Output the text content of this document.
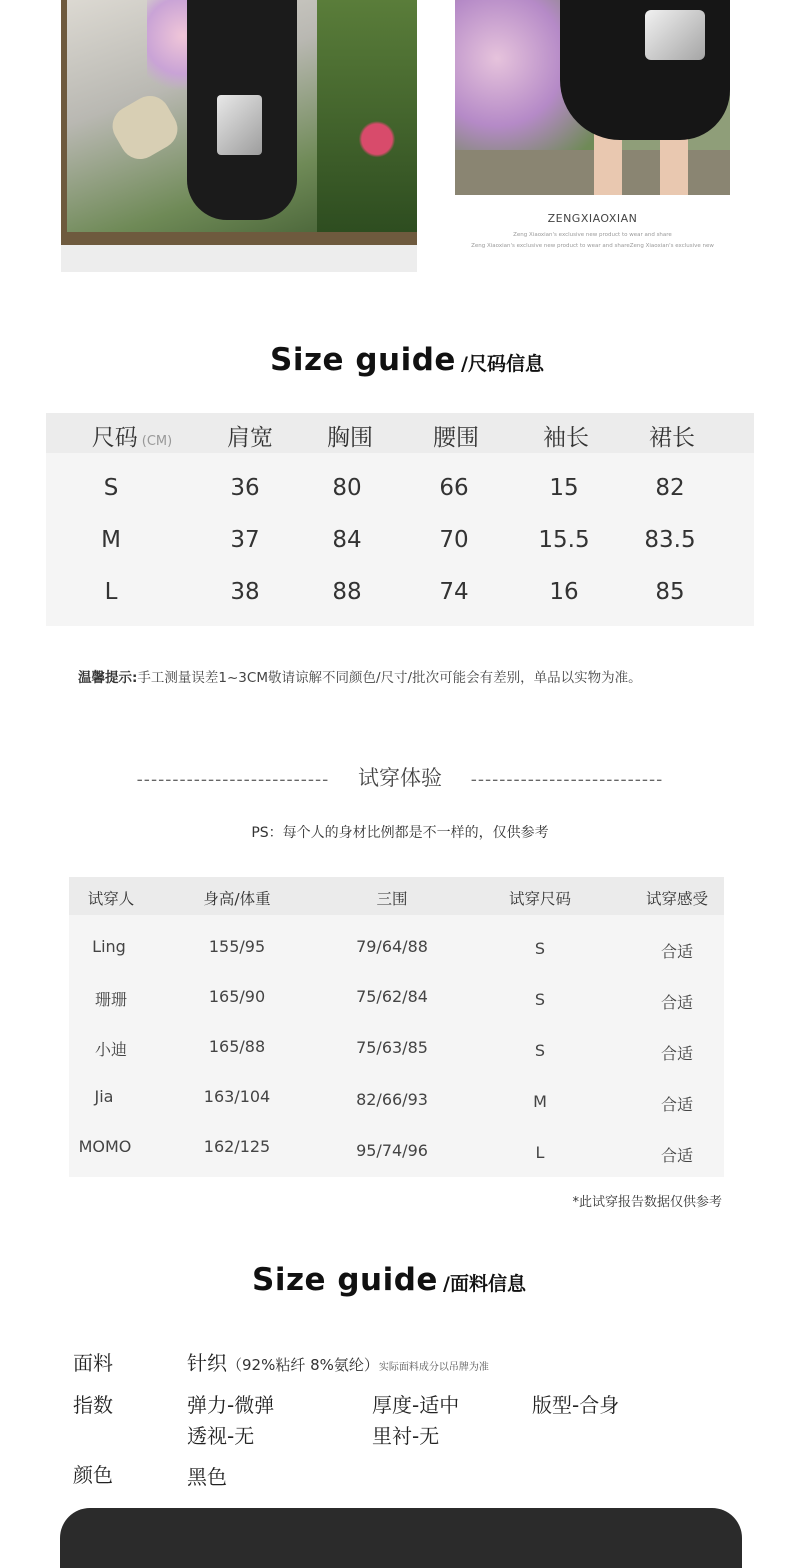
ZENGXIAOXIAN
Zeng Xiaoxian's exclusive new product to wear and share
Zeng Xiaoxian's exclusive new product to wear and shareZeng Xiaoxian's exclusive new
Size guide /尺码信息
尺码 (CM) 肩宽 胸围	腰围	袖长	裙长
S	36	80	66	15	82
M	37	84	70	15.5 83.5
L	38	88	74	16	85
温馨提示:手工测量误差1~3CM敬请谅解不同颜色/尺寸/批次可能会有差别，单品以实物为准。
--------------------------- 试穿体验 ---------------------------
PS：每个人的身材比例都是不一样的，仅供参考
试穿人	身高/体重	三围	试穿尺码	试穿感受
Ling	155/95	79/64/88	S	合适
珊珊	165/90	75/62/84	S	合适
小迪	165/88	75/63/85	S	合适
Jia	163/104	82/66/93	M	合适
MOMO	162/125	95/74/96	L	合适
*此试穿报告数据仅供参考
Size guide /面料信息
面料	针织（92%粘纤 8%氨纶）实际面料成分以吊牌为准
指数	弹力-微弹	厚度-适中	版型-合身
透视-无	里衬-无
颜色	黑色
